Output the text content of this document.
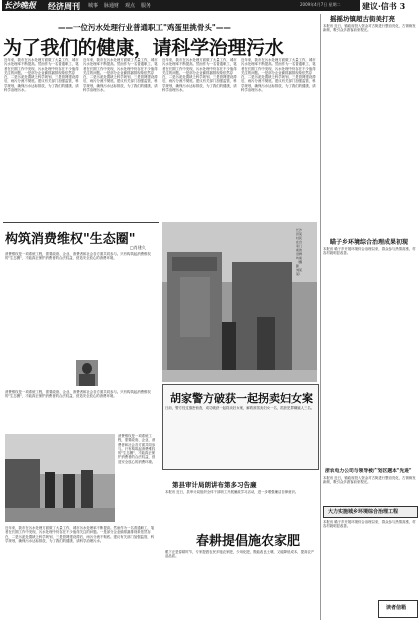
长沙晚报 经济周刊 城事 脉通财 观点 服务	2009年4月7日 星期二	建议·信书 3
——一位污水处理行业普通职工"鸡蛋里挑骨头"——
为了我们的健康，请科学治理污水
近年来，我市在污水处理方面做了大量工作，城市污水处理率不断提高。然而作为一名普通职工，笔者在长期工作中发现，污水处理中仍存在不少值得关注的问题。一是部分企业偷排漏排现象依然存在，二是污泥处置缺乏科学规划，三是管网建设滞后，雨污分流不彻底。建议有关部门加强监管，科学规划，确保污水达标排放，为了我们的健康，请科学治理污水。
近年来，我市在污水处理方面做了大量工作，城市污水处理率不断提高。然而作为一名普通职工，笔者在长期工作中发现，污水处理中仍存在不少值得关注的问题。一是部分企业偷排漏排现象依然存在，二是污泥处置缺乏科学规划，三是管网建设滞后，雨污分流不彻底。建议有关部门加强监管，科学规划，确保污水达标排放，为了我们的健康，请科学治理污水。
近年来，我市在污水处理方面做了大量工作，城市污水处理率不断提高。然而作为一名普通职工，笔者在长期工作中发现，污水处理中仍存在不少值得关注的问题。一是部分企业偷排漏排现象依然存在，二是污泥处置缺乏科学规划，三是管网建设滞后，雨污分流不彻底。建议有关部门加强监管，科学规划，确保污水达标排放，为了我们的健康，请科学治理污水。
近年来，我市在污水处理方面做了大量工作，城市污水处理率不断提高。然而作为一名普通职工，笔者在长期工作中发现，污水处理中仍存在不少值得关注的问题。一是部分企业偷排漏排现象依然存在，二是污泥处置缺乏科学规划，三是管网建设滞后，雨污分流不彻底。建议有关部门加强监管，科学规划，确保污水达标排放，为了我们的健康，请科学治理污水。
构筑消费维权"生态圈"
□肖建久
消费维权是一项系统工程，需要政府、企业、消费者和社会各方面共同参与。只有构筑起消费维权的"生态圈"，才能真正保护消费者的合法权益，营造安全放心的消费环境。
消费维权是一项系统工程，需要政府、企业、消费者和社会各方面共同参与。只有构筑起消费维权的"生态圈"，才能真正保护消费者的合法权益，营造安全放心的消费环境。
长沙县某村民在自家门前的旧牌坊前（摄影 刘某某）
胡家警方破获一起拐卖妇女案
日前，警方经过缜密侦查，成功破获一起拐卖妇女案，解救被拐卖妇女一名，抓获犯罪嫌疑人三名。
消费维权是一项系统工程，需要政府、企业、消费者和社会各方面共同参与。只有构筑起消费维权的"生态圈"，才能真正保护消费者的合法权益，营造安全放心的消费环境。
第县审计局朗讲布第多习告廉
本报讯 近日，县审计局组织全体干部职工开展廉政学习活动，进一步增强廉洁自律意识。
近年来，我市在污水处理方面做了大量工作，城市污水处理率不断提高。然而作为一名普通职工，笔者在长期工作中发现，污水处理中仍存在不少值得关注的问题。一是部分企业偷排漏排现象依然存在，二是污泥处置缺乏科学规划，三是管网建设滞后，雨污分流不彻底。建议有关部门加强监管，科学规划，确保污水达标排放，为了我们的健康，请科学治理污水。	春耕提倡施农家肥
眼下正是春耕时节，专家提倡农民多施农家肥，少用化肥，既能改良土壤，又能降低成本，提高农产品品质。
摇摇坊镇超古街美打亮
本报讯 近日，镇政府投入资金对古街进行整治亮化，古街焕发新颜，吸引众多游客前来观光。
瞄子乡环境综合治理成果初现
本报讯 瞄子乡开展环境综合治理以来，群众参与热情高涨，村容村貌明显改善。
浙农电力公司与领导被广划区题本"先进"
本报讯 近日，镇政府投入资金对古街进行整治亮化，古街焕发新颜，吸引众多游客前来观光。
大力实施城乡环境综合治理工程
本报讯 瞄子乡开展环境综合治理以来，群众参与热情高涨，村容村貌明显改善。
读者信箱
